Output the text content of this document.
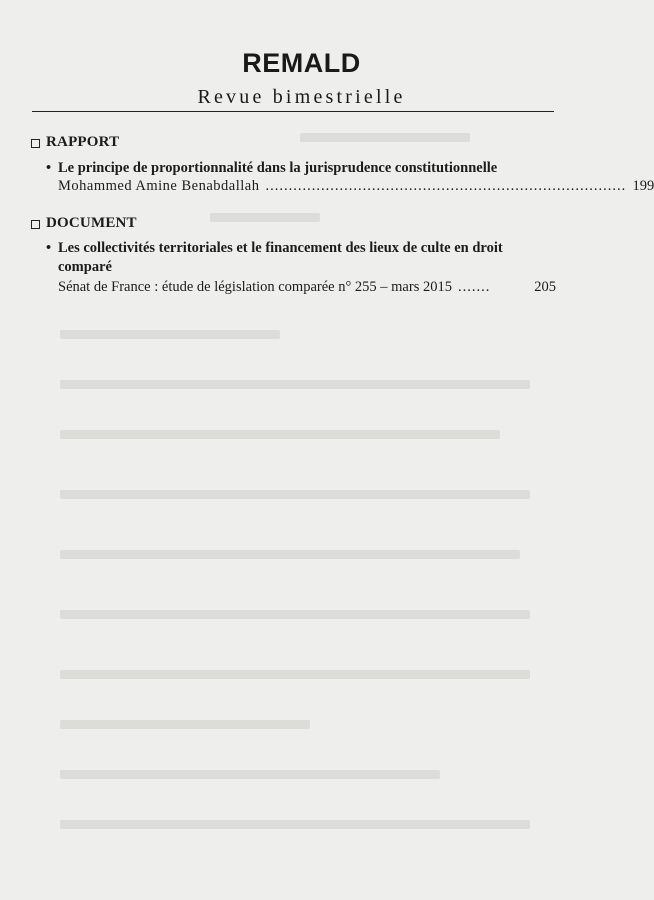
REMALD
Revue bimestrielle
RAPPORT
• Le principe de proportionnalité dans la jurisprudence constitutionnelle
Mohammed Amine Benabdallah .............................................................................. 199
DOCUMENT
• Les collectivités territoriales et le financement des lieux de culte en droit comparé
Sénat de France : étude de législation comparée n° 255 – mars 2015 .......	205
